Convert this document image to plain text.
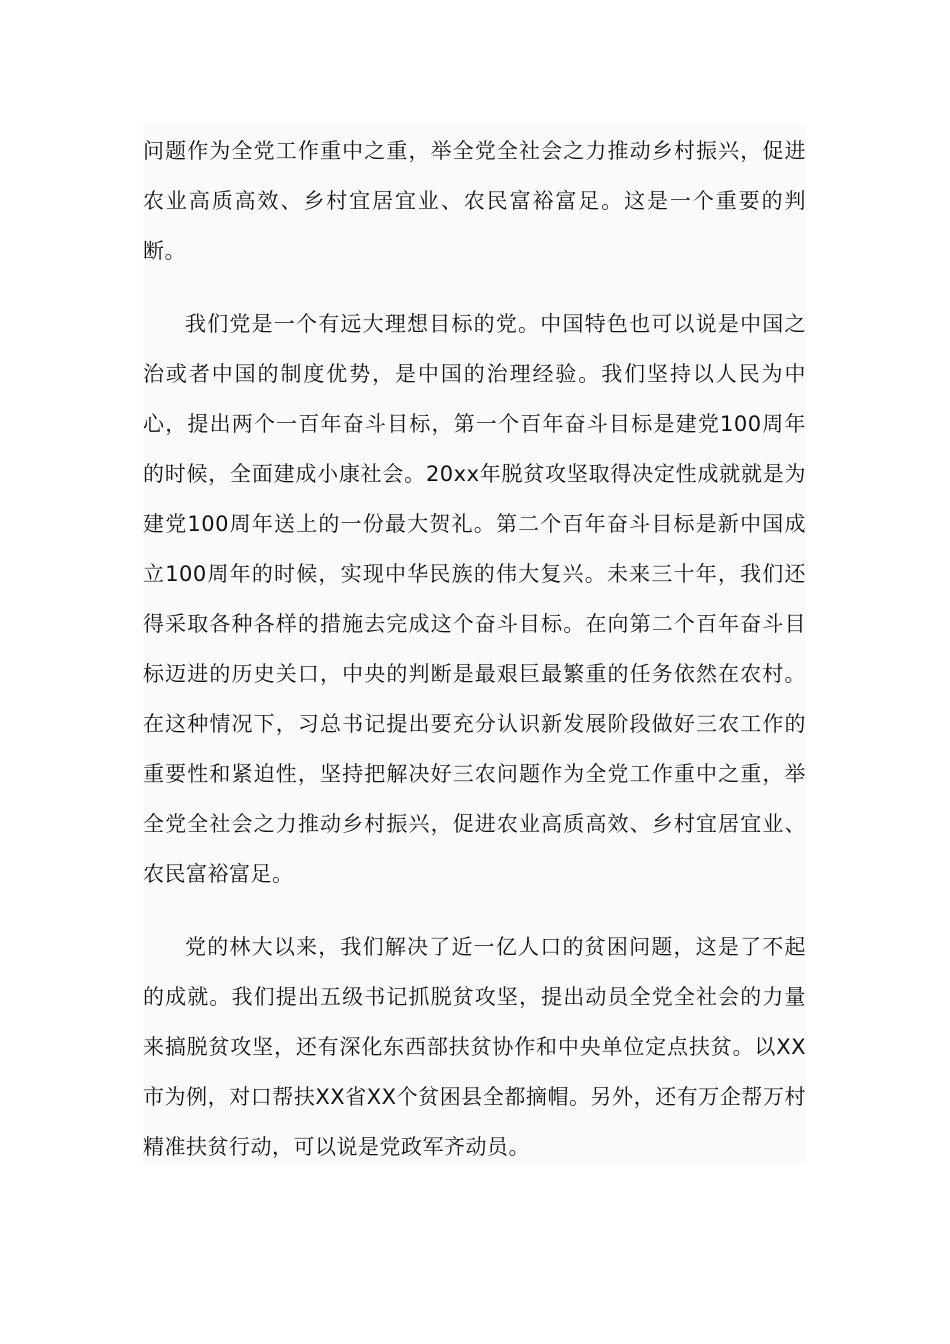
问题作为全党工作重中之重，举全党全社会之力推动乡村振兴，促进农业高质高效、乡村宜居宜业、农民富裕富足。这是一个重要的判断。

我们党是一个有远大理想目标的党。中国特色也可以说是中国之治或者中国的制度优势，是中国的治理经验。我们坚持以人民为中心，提出两个一百年奋斗目标，第一个百年奋斗目标是建党100周年的时候，全面建成小康社会。20xx年脱贫攻坚取得决定性成就就是为建党100周年送上的一份最大贺礼。第二个百年奋斗目标是新中国成立100周年的时候，实现中华民族的伟大复兴。未来三十年，我们还得采取各种各样的措施去完成这个奋斗目标。在向第二个百年奋斗目标迈进的历史关口，中央的判断是最艰巨最繁重的任务依然在农村。在这种情况下，习总书记提出要充分认识新发展阶段做好三农工作的重要性和紧迫性，坚持把解决好三农问题作为全党工作重中之重，举全党全社会之力推动乡村振兴，促进农业高质高效、乡村宜居宜业、农民富裕富足。

党的林大以来，我们解决了近一亿人口的贫困问题，这是了不起的成就。我们提出五级书记抓脱贫攻坚，提出动员全党全社会的力量来搞脱贫攻坚，还有深化东西部扶贫协作和中央单位定点扶贫。以XX市为例，对口帮扶XX省XX个贫困县全都摘帽。另外，还有万企帮万村精准扶贫行动，可以说是党政军齐动员。
